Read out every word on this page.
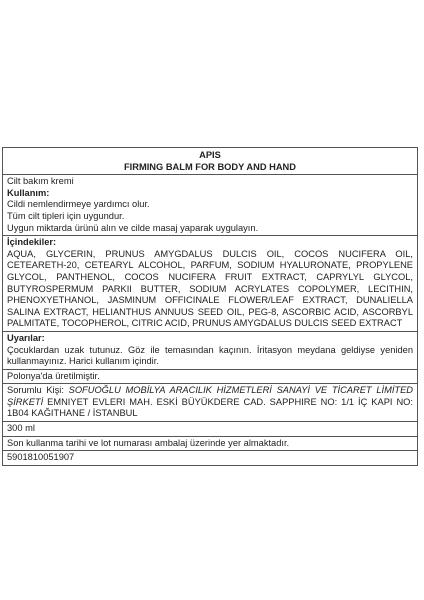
APIS
FIRMING BALM FOR BODY AND HAND
Cilt bakım kremi
Kullanım:
Cildi nemlendirmeye yardımcı olur.
Tüm cilt tipleri için uygundur.
Uygun miktarda ürünü alın ve cilde masaj yaparak uygulayın.
İçindekiler:
AQUA, GLYCERIN, PRUNUS AMYGDALUS DULCIS OIL, COCOS NUCIFERA OIL, CETEARETH-20, CETEARYL ALCOHOL, PARFUM, SODIUM HYALURONATE, PROPYLENE GLYCOL, PANTHENOL, COCOS NUCIFERA FRUIT EXTRACT, CAPRYLYL GLYCOL, BUTYROSPERMUM PARKII BUTTER, SODIUM ACRYLATES COPOLYMER, LECITHIN, PHENOXYETHANOL, JASMINUM OFFICINALE FLOWER/LEAF EXTRACT, DUNALIELLA SALINA EXTRACT, HELIANTHUS ANNUUS SEED OIL, PEG-8, ASCORBIC ACID, ASCORBYL PALMITATE, TOCOPHEROL, CITRIC ACID, PRUNUS AMYGDALUS DULCIS SEED EXTRACT
Uyarılar:
Çocuklardan uzak tutunuz. Göz ile temasından kaçının. İritasyon meydana geldiyse yeniden kullanmayınız. Harici kullanım içindir.
Polonya'da üretilmiştir.
Sorumlu Kişi: SOFUOĞLU MOBİLYA ARACILIK HİZMETLERİ SANAYİ VE TİCARET LİMİTED ŞİRKETİ EMNIYET EVLERI MAH. ESKİ BÜYÜKDERE CAD. SAPPHIRE NO: 1/1 İÇ KAPI NO: 1B04 KAĞITHANE / İSTANBUL
300 ml
Son kullanma tarihi ve lot numarası ambalaj üzerinde yer almaktadır.
5901810051907
